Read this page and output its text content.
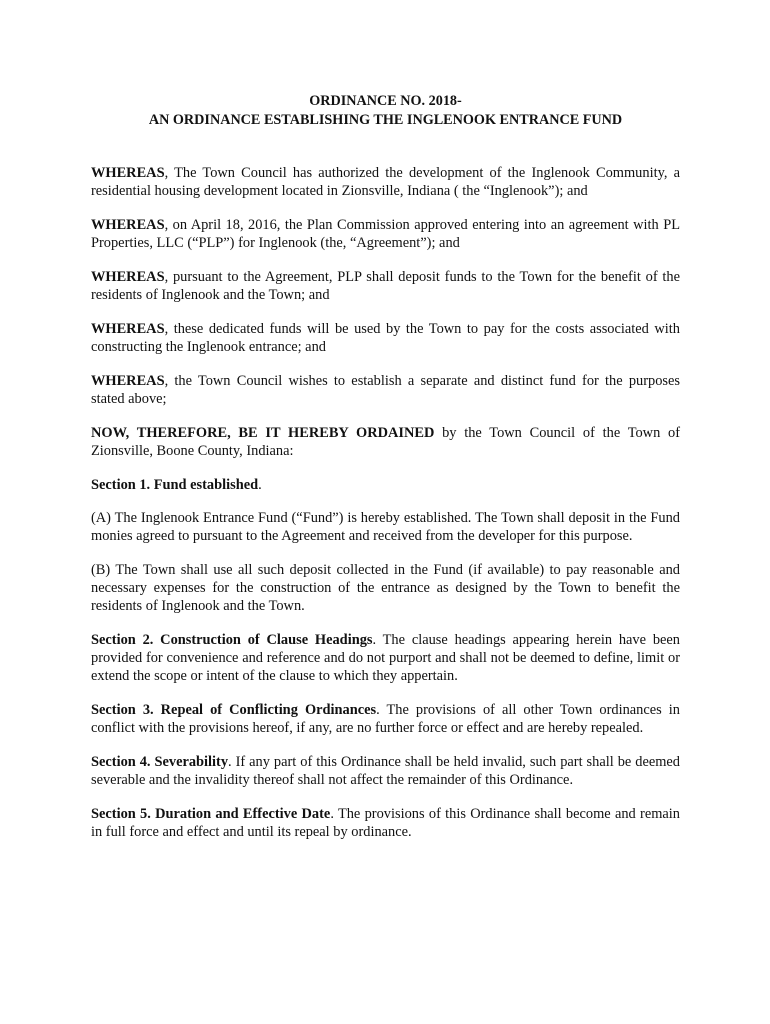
ORDINANCE NO. 2018-
AN ORDINANCE ESTABLISHING THE INGLENOOK ENTRANCE FUND

WHEREAS, The Town Council has authorized the development of the Inglenook Community, a residential housing development located in Zionsville, Indiana ( the “Inglenook”); and

WHEREAS, on April 18, 2016, the Plan Commission approved entering into an agreement with PL Properties, LLC (“PLP”) for Inglenook (the, “Agreement”); and

WHEREAS, pursuant to the Agreement, PLP shall deposit funds to the Town for the benefit of the residents of Inglenook and the Town; and

WHEREAS, these dedicated funds will be used by the Town to pay for the costs associated with constructing the Inglenook entrance; and

WHEREAS, the Town Council wishes to establish a separate and distinct fund for the purposes stated above;

NOW, THEREFORE, BE IT HEREBY ORDAINED by the Town Council of the Town of Zionsville, Boone County, Indiana:

Section 1. Fund established.

(A) The Inglenook Entrance Fund (“Fund”) is hereby established. The Town shall deposit in the Fund monies agreed to pursuant to the Agreement and received from the developer for this purpose.

(B) The Town shall use all such deposit collected in the Fund (if available) to pay reasonable and necessary expenses for the construction of the entrance as designed by the Town to benefit the residents of Inglenook and the Town.

Section 2. Construction of Clause Headings. The clause headings appearing herein have been provided for convenience and reference and do not purport and shall not be deemed to define, limit or extend the scope or intent of the clause to which they appertain.

Section 3. Repeal of Conflicting Ordinances. The provisions of all other Town ordinances in conflict with the provisions hereof, if any, are no further force or effect and are hereby repealed.

Section 4. Severability. If any part of this Ordinance shall be held invalid, such part shall be deemed severable and the invalidity thereof shall not affect the remainder of this Ordinance.

Section 5. Duration and Effective Date. The provisions of this Ordinance shall become and remain in full force and effect and until its repeal by ordinance.
